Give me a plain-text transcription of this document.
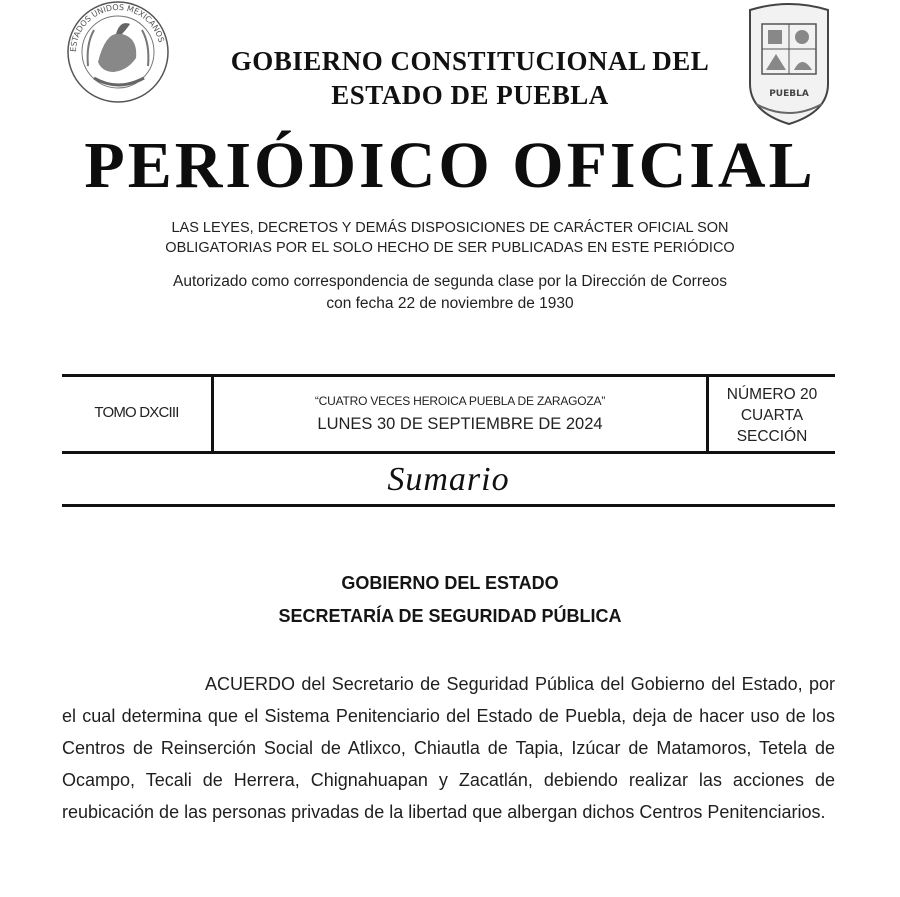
ESTADOS UNIDOS MEXICANOS
PUEBLA
GOBIERNO CONSTITUCIONAL DEL
ESTADO DE PUEBLA
PERIÓDICO OFICIAL
LAS LEYES, DECRETOS Y DEMÁS DISPOSICIONES DE CARÁCTER OFICIAL SON
OBLIGATORIAS POR EL SOLO HECHO DE SER PUBLICADAS EN ESTE PERIÓDICO
Autorizado como correspondencia de segunda clase por la Dirección de Correos
con fecha 22 de noviembre de 1930
TOMO DXCIII
“CUATRO VECES HEROICA PUEBLA DE ZARAGOZA”
LUNES 30 DE SEPTIEMBRE DE 2024
NÚMERO 20
CUARTA
SECCIÓN
Sumario
GOBIERNO DEL ESTADO
SECRETARÍA DE SEGURIDAD PÚBLICA
ACUERDO del Secretario de Seguridad Pública del Gobierno del Estado, por el cual determina que el Sistema Penitenciario del Estado de Puebla, deja de hacer uso de los Centros de Reinserción Social de Atlixco, Chiautla de Tapia, Izúcar de Matamoros, Tetela de Ocampo, Tecali de Herrera, Chignahuapan y Zacatlán, debiendo realizar las acciones de reubicación de las personas privadas de la libertad que albergan dichos Centros Penitenciarios.
